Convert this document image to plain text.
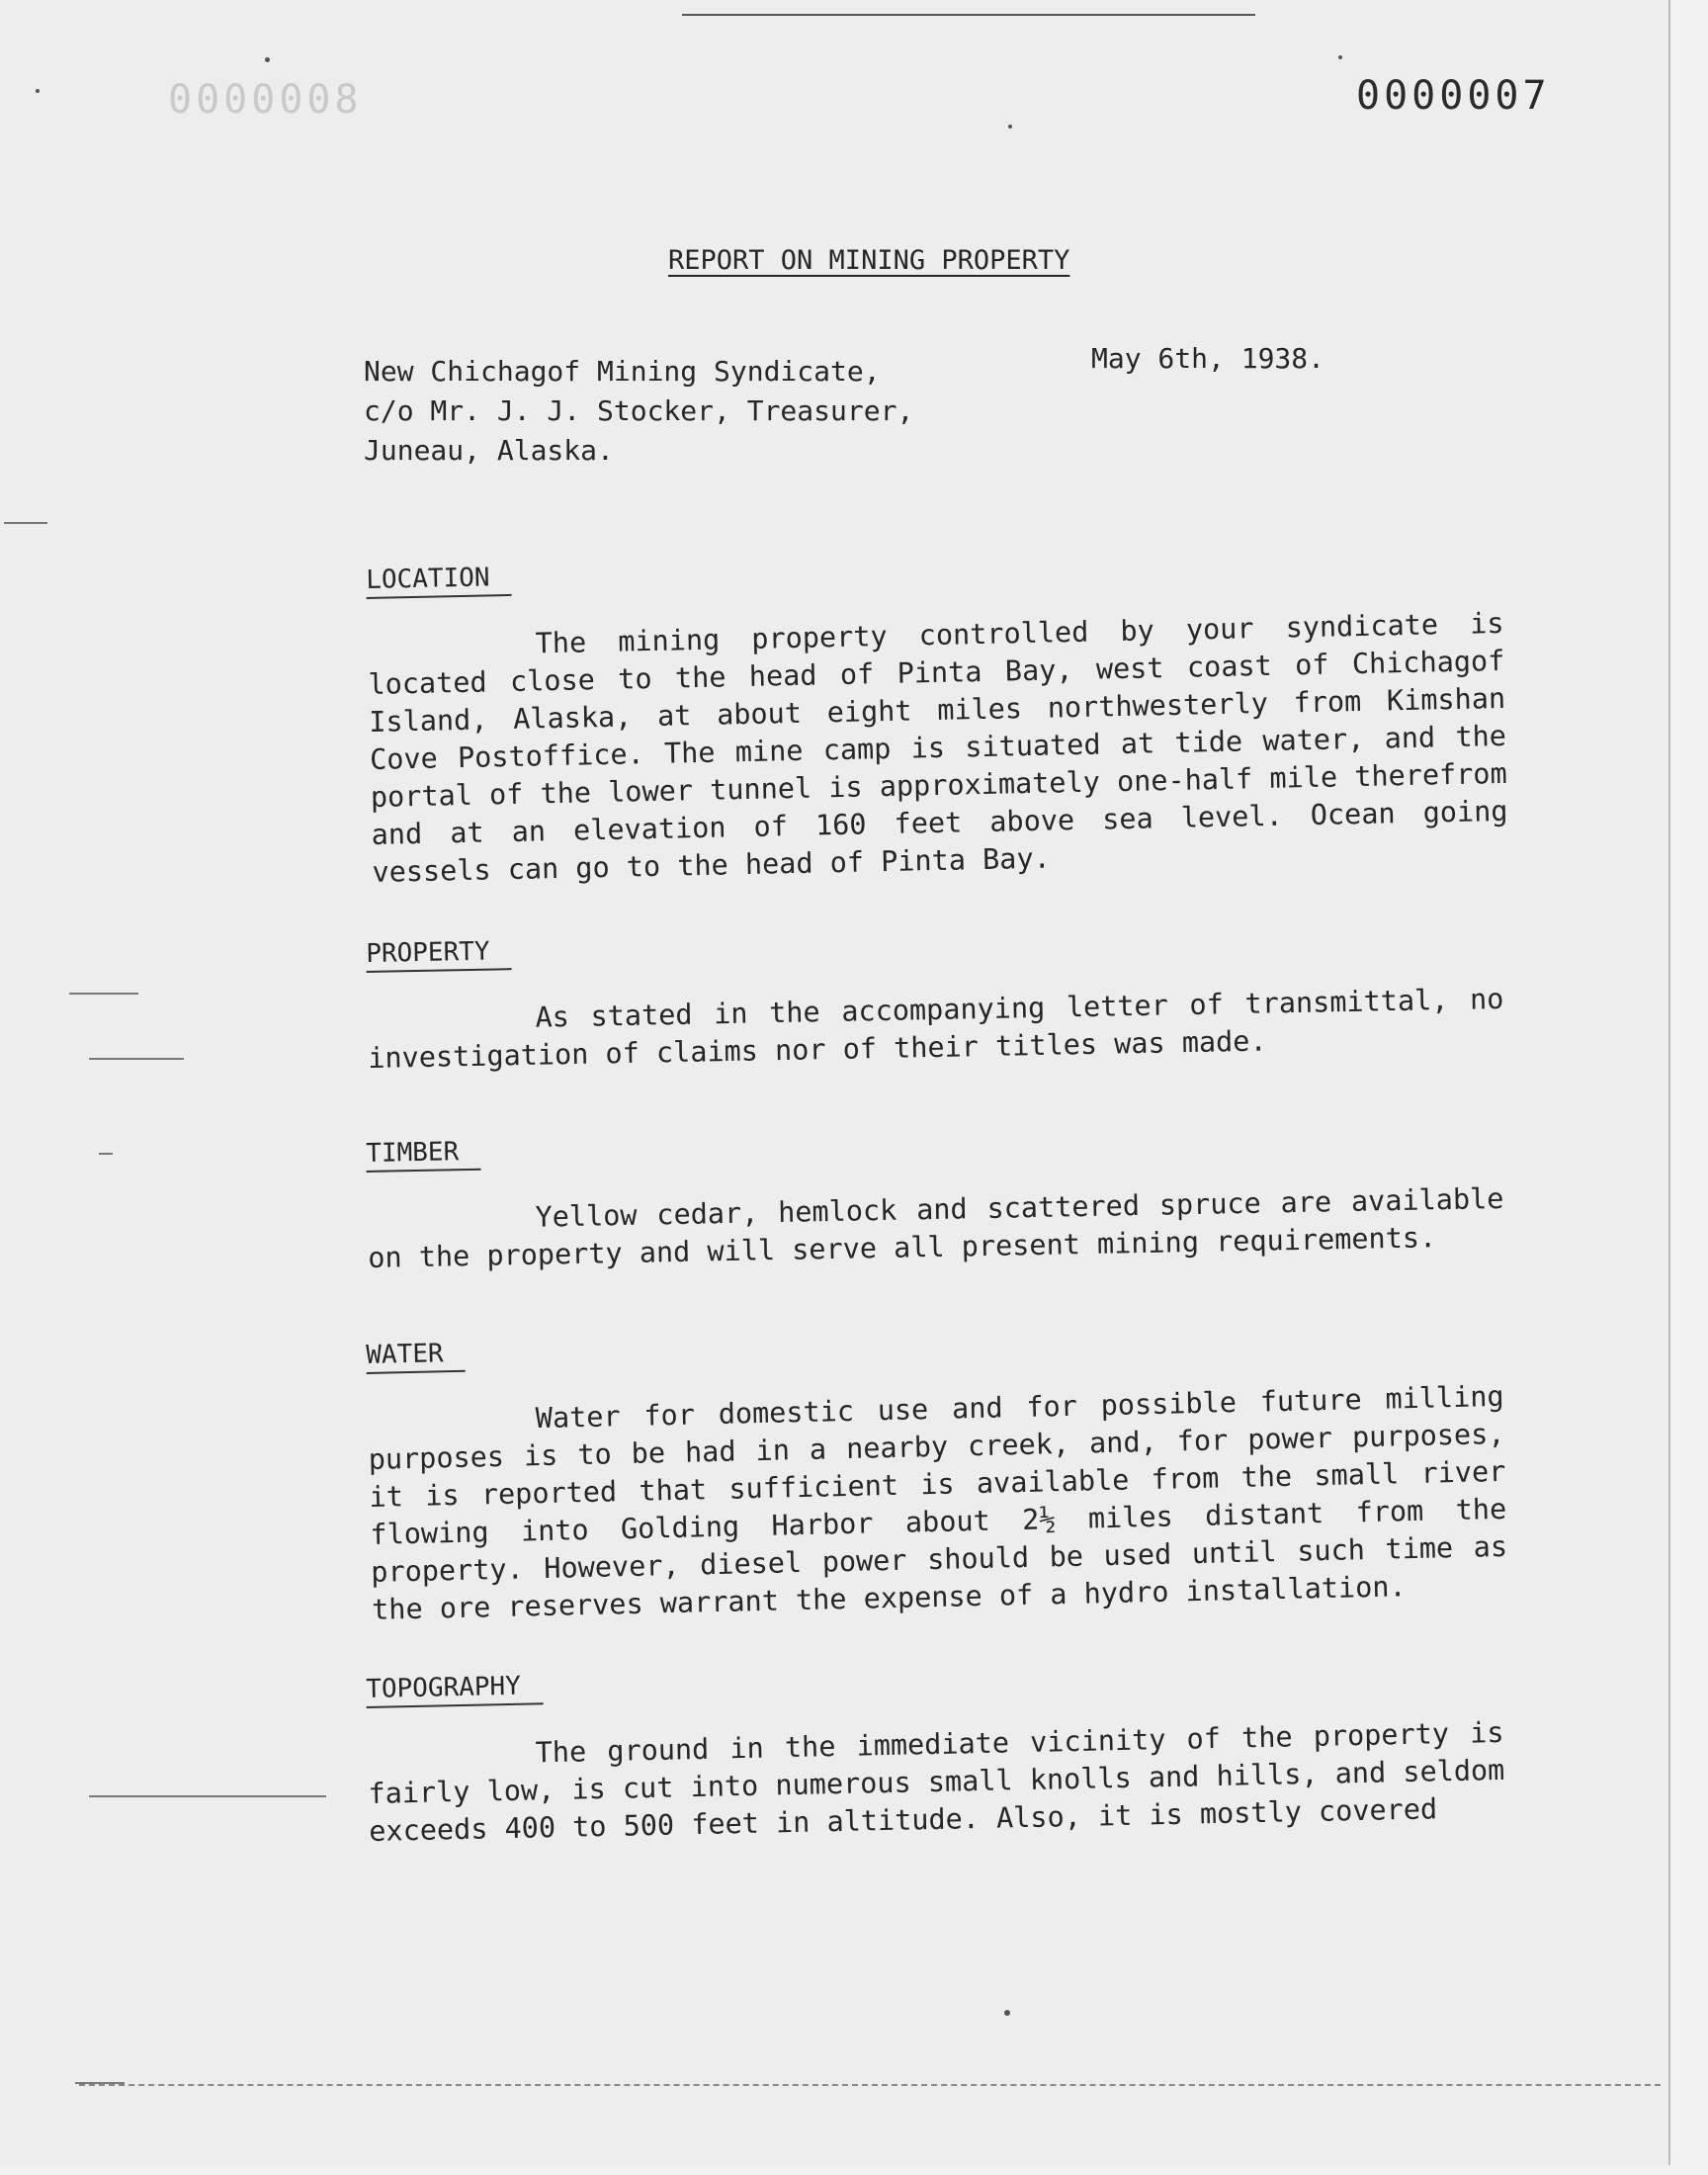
0000008	0000007
REPORT ON MINING PROPERTY
New Chichagof Mining Syndicate,
c/o Mr. J. J. Stocker, Treasurer,
Juneau, Alaska.
May 6th, 1938.
LOCATION

The mining property controlled by your syndicate is located close to the head of Pinta Bay, west coast of Chichagof Island, Alaska, at about eight miles northwesterly from Kimshan Cove Postoffice. The mine camp is situated at tide water, and the portal of the lower tunnel is approximately one-half mile therefrom and at an elevation of 160 feet above sea level. Ocean going vessels can go to the head of Pinta Bay.

PROPERTY

As stated in the accompanying letter of transmittal, no investigation of claims nor of their titles was made.

TIMBER

Yellow cedar, hemlock and scattered spruce are available on the property and will serve all present mining requirements.

WATER

Water for domestic use and for possible future milling purposes is to be had in a nearby creek, and, for power purposes, it is reported that sufficient is available from the small river flowing into Golding Harbor about 2½ miles distant from the property. However, diesel power should be used until such time as the ore reserves warrant the expense of a hydro installation.

TOPOGRAPHY

The ground in the immediate vicinity of the property is fairly low, is cut into numerous small knolls and hills, and seldom exceeds 400 to 500 feet in altitude. Also, it is mostly covered
